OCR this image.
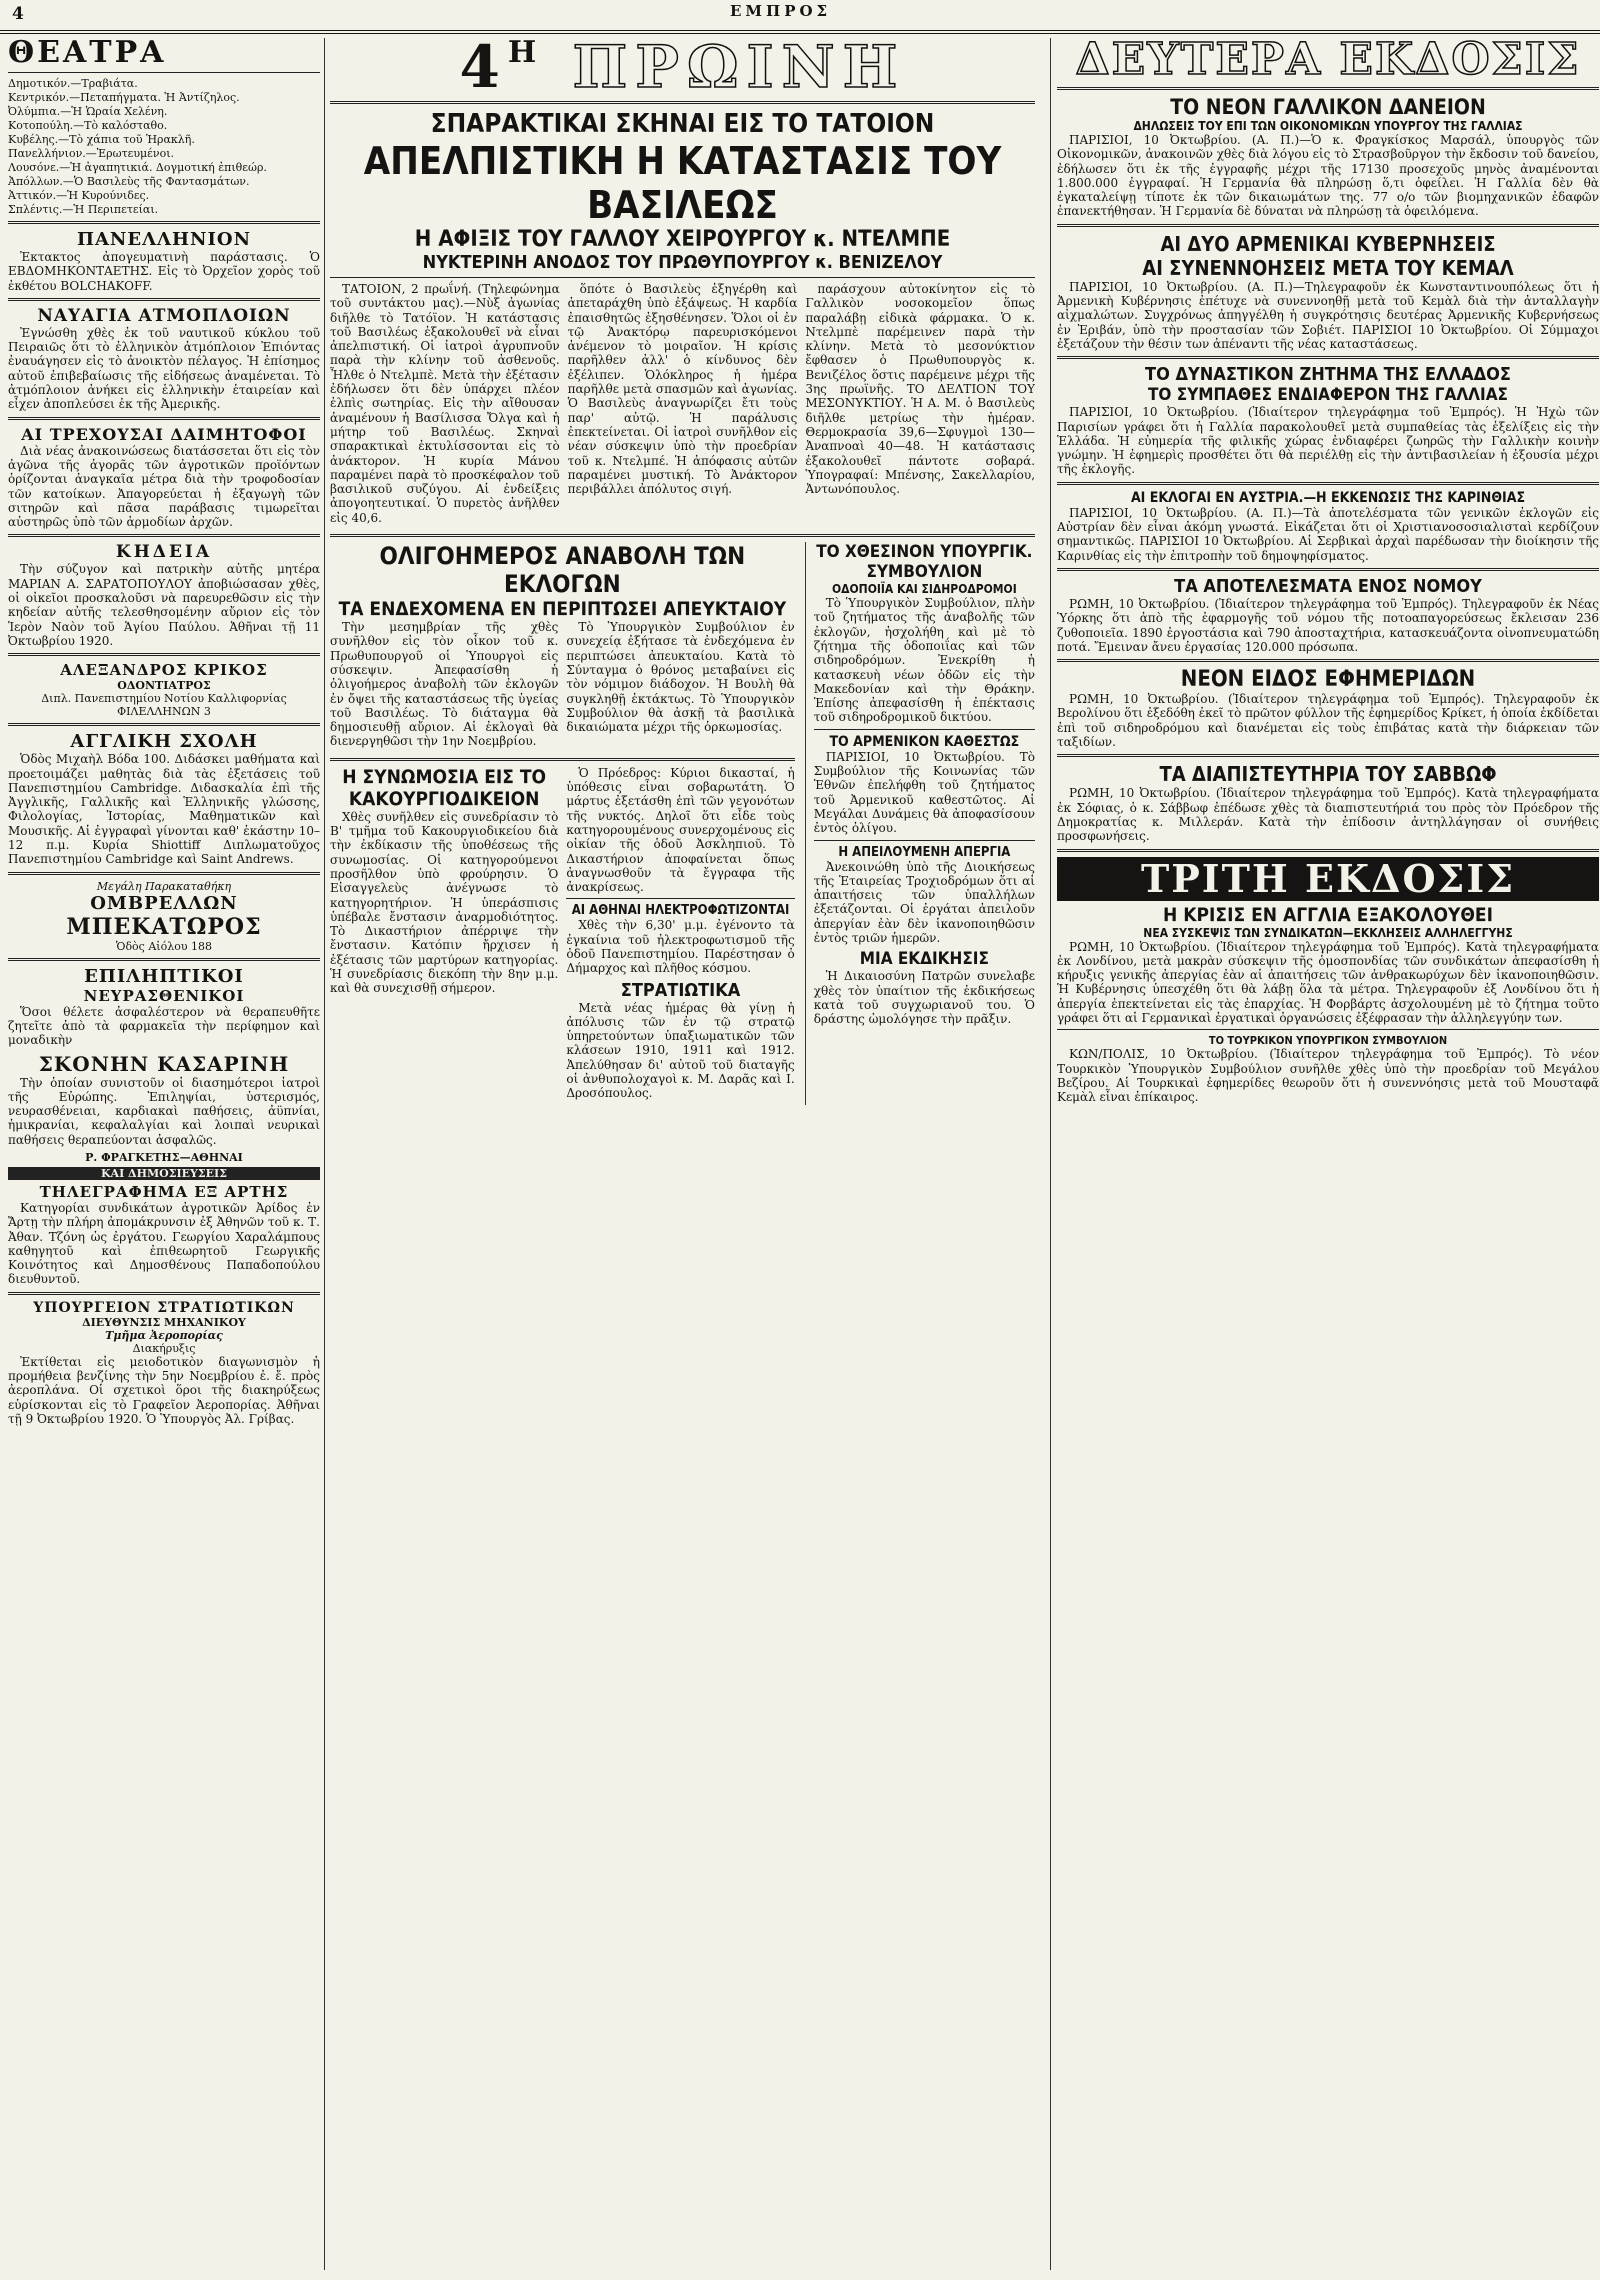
4	ΕΜΠΡΟΣ
ΘΕΑΤΡΑ
Δημοτικόν.—Τραβιάτα.
Κεντρικόν.—Πεταπήγματα. Ἡ Ἀντίζηλος.
Ὀλύμπια.—Ἡ Ὡραία Χελένη.
Κοτοπούλη.—Τὸ καλόσταθο.
Κυβέλης.—Τὸ χάπια τοῦ Ἡρακλῆ.
Πανελλήνιον.—Ἐρωτευμένοι.
Λουσόνε.—Ἡ ἀγαπητικιά. Δογμοτική ἐπιθεώρ.
Ἀπόλλων.—Ὁ Βασιλεὺς τῆς Φαντασμάτων.
Ἀττικόν.—Ἡ Κυρούνιδες.
Σπλέντις.—Ἡ Περιπετείαι.
ΠΑΝΕΛΛΗΝΙΟΝ

Ἐκτακτος ἀπογευματινὴ παράστασις. Ὁ ΕΒΔΟΜΗΚΟΝΤΑΕΤΗΣ. Εἰς τὸ Ὀρχεῖον χορὸς τοῦ ἐκθέτου BOLCHAKOFF.

ΝΑΥΑΓΙΑ ΑΤΜΟΠΛΟΙΩΝ

Ἐγνώσθη χθὲς ἐκ τοῦ ναυτικοῦ κύκλου τοῦ Πειραιῶς ὅτι τὸ ἐλληνικὸν ἀτμόπλοιον Ἐπιόντας ἐναυάγησεν εἰς τὸ ἀνοικτὸν πέλαγος. Ἡ ἐπίσημος αὐτοῦ ἐπιβεβαίωσις τῆς εἰδήσεως ἀναμένεται. Τὸ ἀτμόπλοιον ἀνήκει εἰς ἑλληνικὴν ἑταιρείαν καὶ εἶχεν ἀποπλεύσει ἐκ τῆς Ἀμερικῆς.

ΑΙ ΤΡΕΧΟΥΣΑΙ ΔΑΙΜΗΤΟΦΟΙ

Διὰ νέας ἀνακοινώσεως διατάσσεται ὅτι εἰς τὸν ἀγῶνα τῆς ἀγορᾶς τῶν ἀγροτικῶν προϊόντων ὁρίζονται ἀναγκαῖα μέτρα διὰ τὴν τροφοδοσίαν τῶν κατοίκων. Ἀπαγορεύεται ἡ ἐξαγωγὴ τῶν σιτηρῶν καὶ πᾶσα παράβασις τιμωρεῖται αὐστηρῶς ὑπὸ τῶν ἁρμοδίων ἀρχῶν.

ΚΗΔΕΙΑ

Τὴν σύζυγον καὶ πατρικὴν αὐτῆς μητέρα ΜΑΡΙΑΝ Α. ΣΑΡΑΤΟΠΟΥΛΟΥ ἀποβιώσασαν χθὲς, οἱ οἰκεῖοι προσκαλοῦσι νὰ παρευρεθῶσιν εἰς τὴν κηδείαν αὐτῆς τελεσθησομένην αὔριον εἰς τὸν Ἱερὸν Ναὸν τοῦ Ἁγίου Παύλου. Ἀθῆναι τῇ 11 Ὀκτωβρίου 1920.

ΑΛΕΞΑΝΔΡΟΣ ΚΡΙΚΟΣ
ΟΔΟΝΤΙΑΤΡΟΣ
Διπλ. Πανεπιστημίου Νοτίου Καλλιφορνίας ΦΙΛΕΛΛΗΝΩΝ 3
ΑΓΓΛΙΚΗ ΣΧΟΛΗ

Ὁδὸς Μιχαὴλ Βόδα 100. Διδάσκει μαθήματα καὶ προετοιμάζει μαθητὰς διὰ τὰς ἐξετάσεις τοῦ Πανεπιστημίου Cambridge. Διδασκαλία ἐπὶ τῆς Ἀγγλικῆς, Γαλλικῆς καὶ Ἑλληνικῆς γλώσσης, Φιλολογίας, Ἱστορίας, Μαθηματικῶν καὶ Μουσικῆς. Αἱ ἐγγραφαὶ γίνονται καθ' ἑκάστην 10–12 π.μ. Κυρία Shiottiff Διπλωματοῦχος Πανεπιστημίου Cambridge καὶ Saint Andrews.

Μεγάλη Παρακαταθήκη
ΟΜΒΡΕΛΛΩΝ
ΜΠΕΚΑΤΩΡΟΣ
Ὁδὸς Αἰόλου 188
ΕΠΙΛΗΠΤΙΚΟΙ
ΝΕΥΡΑΣΘΕΝΙΚΟΙ

Ὅσοι θέλετε ἀσφαλέστερον νὰ θεραπευθῆτε ζητεῖτε ἀπὸ τὰ φαρμακεῖα τὴν περίφημον καὶ μοναδικὴν

ΣΚΟΝΗΝ ΚΑΣΑΡΙΝΗ

Τὴν ὁποίαν συνιστοῦν οἱ διασημότεροι ἰατροὶ τῆς Εὐρώπης. Ἐπιληψίαι, ὑστερισμός, νευρασθένειαι, καρδιακαὶ παθήσεις, ἀϋπνίαι, ἡμικρανίαι, κεφαλαλγίαι καὶ λοιπαὶ νευρικαὶ παθήσεις θεραπεύονται ἀσφαλῶς.

Ρ. ΦΡΑΓΚΕΤΗΣ—ΑΘΗΝΑΙ
ΚΑΙ ΔΗΜΟΣΙΕΥΣΕΙΣ
ΤΗΛΕΓΡΑΦΗΜΑ ΕΞ ΑΡΤΗΣ

Κατηγορίαι συνδικάτων ἀγροτικῶν Ἀρίδος ἐν Ἄρτῃ τὴν πλήρη ἀπομάκρυνσιν ἐξ Ἀθηνῶν τοῦ κ. Τ. Ἀθαν. Τζόνη ὡς ἐργάτου. Γεωργίου Χαραλάμπους καθηγητοῦ καὶ ἐπιθεωρητοῦ Γεωργικῆς Κοινότητος καὶ Δημοσθένους Παπαδοπούλου διευθυντοῦ.

ΥΠΟΥΡΓΕΙΟΝ ΣΤΡΑΤΙΩΤΙΚΩΝ
ΔΙΕΥΘΥΝΣΙΣ ΜΗΧΑΝΙΚΟΥ
Τμῆμα Ἀεροπορίας
Διακήρυξις

Ἐκτίθεται εἰς μειοδοτικὸν διαγωνισμὸν ἡ προμήθεια βενζίνης τὴν 5ην Νοεμβρίου ἐ. ἔ. πρὸς ἀεροπλάνα. Οἱ σχετικοὶ ὅροι τῆς διακηρύξεως εὑρίσκονται εἰς τὸ Γραφεῖον Ἀεροπορίας. Ἀθῆναι τῇ 9 Ὀκτωβρίου 1920. Ὁ Ὑπουργὸς Ἀλ. Γρίβας.

$4^H$ ΠΡΩΙΝΗ
ΣΠΑΡΑΚΤΙΚΑΙ ΣΚΗΝΑΙ ΕΙΣ ΤΟ ΤΑΤΟΙΟΝ
ΑΠΕΛΠΙΣΤΙΚΗ Η ΚΑΤΑΣΤΑΣΙΣ ΤΟΥ ΒΑΣΙΛΕΩΣ
Η ΑΦΙΞΙΣ ΤΟΥ ΓΑΛΛΟΥ ΧΕΙΡΟΥΡΓΟΥ κ. ΝΤΕΛΜΠΕ
ΝΥΚΤΕΡΙΝΗ ΑΝΟΔΟΣ ΤΟΥ ΠΡΩΘΥΠΟΥΡΓΟΥ κ. ΒΕΝΙΖΕΛΟΥ

ΤΑΤΟΙΟΝ, 2 πρωΐνή. (Τηλεφώνημα τοῦ συντάκτου μας).—Νὺξ ἀγωνίας διῆλθε τὸ Τατόϊον. Ἡ κατάστασις τοῦ Βασιλέως ἐξακολουθεῖ νὰ εἶναι ἀπελπιστική. Οἱ ἰατροὶ ἀγρυπνοῦν παρὰ τὴν κλίνην τοῦ ἀσθενοῦς. Ἦλθε ὁ Ντελμπὲ. Μετὰ τὴν ἐξέτασιν ἐδήλωσεν ὅτι δὲν ὑπάρχει πλέον ἐλπὶς σωτηρίας. Εἰς τὴν αἴθουσαν ἀναμένουν ἡ Βασίλισσα Ὄλγα καὶ ἡ μήτηρ τοῦ Βασιλέως. Σκηναὶ σπαρακτικαὶ ἐκτυλίσσονται εἰς τὸ ἀνάκτορον. Ἡ κυρία Μάνου παραμένει παρὰ τὸ προσκέφαλον τοῦ βασιλικοῦ συζύγου. Αἱ ἐνδείξεις ἀπογοητευτικαί. Ὁ πυρετὸς ἀνῆλθεν εἰς 40,6.

ὅπότε ὁ Βασιλεὺς ἐξηγέρθη καὶ ἀπεταράχθη ὑπὸ ἐξάψεως. Ἡ καρδία ἐπαισθητῶς ἐξησθένησεν. Ὅλοι οἱ ἐν τῷ Ἀνακτόρῳ παρευρισκόμενοι ἀνέμενον τὸ μοιραῖον. Ἡ κρίσις παρῆλθεν ἀλλ' ὁ κίνδυνος δὲν ἐξέλιπεν. Ὁλόκληρος ἡ ἡμέρα παρῆλθε μετὰ σπασμῶν καὶ ἀγωνίας. Ὁ Βασιλεὺς ἀναγνωρίζει ἔτι τοὺς παρ' αὐτῷ. Ἡ παράλυσις ἐπεκτείνεται. Οἱ ἰατροὶ συνῆλθον εἰς νέαν σύσκεψιν ὑπὸ τὴν προεδρίαν τοῦ κ. Ντελμπέ. Ἡ ἀπόφασις αὐτῶν παραμένει μυστική. Τὸ Ἀνάκτορον περιβάλλει ἀπόλυτος σιγή.

παράσχουν αὐτοκίνητον εἰς τὸ Γαλλικὸν νοσοκομεῖον ὅπως παραλάβῃ εἰδικὰ φάρμακα. Ὁ κ. Ντελμπὲ παρέμεινεν παρὰ τὴν κλίνην. Μετὰ τὸ μεσονύκτιον ἔφθασεν ὁ Πρωθυπουργὸς κ. Βενιζέλος ὅστις παρέμεινε μέχρι τῆς 3ης πρωϊνῆς. ΤΟ ΔΕΛΤΙΟΝ ΤΟΥ ΜΕΣΟΝΥΚΤΙΟΥ. Ἡ Α. Μ. ὁ Βασιλεὺς διῆλθε μετρίως τὴν ἡμέραν. Θερμοκρασία 39,6—Σφυγμοὶ 130—Ἀναπνοαὶ 40—48. Ἡ κατάστασις ἐξακολουθεῖ πάντοτε σοβαρά. Ὑπογραφαί: Μπένσης, Σακελλαρίου, Ἀντωνόπουλος.

ΟΛΙΓΟΗΜΕΡΟΣ ΑΝΑΒΟΛΗ ΤΩΝ ΕΚΛΟΓΩΝ
ΤΑ ΕΝΔΕΧΟΜΕΝΑ ΕΝ ΠΕΡΙΠΤΩΣΕΙ ΑΠΕΥΚΤΑΙΟΥ

Τὴν μεσημβρίαν τῆς χθὲς συνῆλθον εἰς τὸν οἶκον τοῦ κ. Πρωθυπουργοῦ οἱ Ὑπουργοὶ εἰς σύσκεψιν. Ἀπεφασίσθη ἡ ὀλιγοήμερος ἀναβολὴ τῶν ἐκλογῶν ἐν ὄψει τῆς καταστάσεως τῆς ὑγείας τοῦ Βασιλέως. Τὸ διάταγμα θὰ δημοσιευθῇ αὔριον. Αἱ ἐκλογαὶ θὰ διενεργηθῶσι τὴν 1ην Νοεμβρίου.

Τὸ Ὑπουργικὸν Συμβούλιον ἐν συνεχείᾳ ἐξήτασε τὰ ἐνδεχόμενα ἐν περιπτώσει ἀπευκταίου. Κατὰ τὸ Σύνταγμα ὁ θρόνος μεταβαίνει εἰς τὸν νόμιμον διάδοχον. Ἡ Βουλὴ θὰ συγκληθῇ ἐκτάκτως. Τὸ Ὑπουργικὸν Συμβούλιον θὰ ἀσκῇ τὰ βασιλικὰ δικαιώματα μέχρι τῆς ὁρκωμοσίας.

Η ΣΥΝΩΜΟΣΙΑ ΕΙΣ ΤΟ ΚΑΚΟΥΡΓΙΟΔΙΚΕΙΟΝ

Χθὲς συνῆλθεν εἰς συνεδρίασιν τὸ Β' τμῆμα τοῦ Κακουργιοδικείου διὰ τὴν ἐκδίκασιν τῆς ὑποθέσεως τῆς συνωμοσίας. Οἱ κατηγορούμενοι προσῆλθον ὑπὸ φρούρησιν. Ὁ Εἰσαγγελεὺς ἀνέγνωσε τὸ κατηγορητήριον. Ἡ ὑπεράσπισις ὑπέβαλε ἔνστασιν ἀναρμοδιότητος. Τὸ Δικαστήριον ἀπέρριψε τὴν ἔνστασιν. Κατόπιν ἤρχισεν ἡ ἐξέτασις τῶν μαρτύρων κατηγορίας. Ἡ συνεδρίασις διεκόπη τὴν 8ην μ.μ. καὶ θὰ συνεχισθῇ σήμερον.

Ὁ Πρόεδρος: Κύριοι δικασταί, ἡ ὑπόθεσις εἶναι σοβαρωτάτη. Ὁ μάρτυς ἐξετάσθη ἐπὶ τῶν γεγονότων τῆς νυκτός. Δηλοῖ ὅτι εἶδε τοὺς κατηγορουμένους συνερχομένους εἰς οἰκίαν τῆς ὁδοῦ Ἀσκληπιοῦ. Τὸ Δικαστήριον ἀποφαίνεται ὅπως ἀναγνωσθοῦν τὰ ἔγγραφα τῆς ἀνακρίσεως.

ΑΙ ΑΘΗΝΑΙ ΗΛΕΚΤΡΟΦΩΤΙΖΟΝΤΑΙ

Χθὲς τὴν 6,30' μ.μ. ἐγένοντο τὰ ἐγκαίνια τοῦ ἠλεκτροφωτισμοῦ τῆς ὁδοῦ Πανεπιστημίου. Παρέστησαν ὁ Δήμαρχος καὶ πλῆθος κόσμου.

ΣΤΡΑΤΙΩΤΙΚΑ

Μετὰ νέας ἡμέρας θὰ γίνῃ ἡ ἀπόλυσις τῶν ἐν τῷ στρατῷ ὑπηρετούντων ὑπαξιωματικῶν τῶν κλάσεων 1910, 1911 καὶ 1912. Ἀπελύθησαν δι' αὐτοῦ τοῦ διαταγῆς οἱ ἀνθυπολοχαγοὶ κ. Μ. Δαρᾶς καὶ Ι. Δροσόπουλος.

ΤΟ ΧΘΕΣΙΝΟΝ ΥΠΟΥΡΓΙΚ. ΣΥΜΒΟΥΛΙΟΝ
ΟΔΟΠΟΙΪΑ ΚΑΙ ΣΙΔΗΡΟΔΡΟΜΟΙ

Τὸ Ὑπουργικὸν Συμβούλιον, πλὴν τοῦ ζητήματος τῆς ἀναβολῆς τῶν ἐκλογῶν, ἠσχολήθη καὶ μὲ τὸ ζήτημα τῆς ὁδοποιΐας καὶ τῶν σιδηροδρόμων. Ἐνεκρίθη ἡ κατασκευὴ νέων ὁδῶν εἰς τὴν Μακεδονίαν καὶ τὴν Θράκην. Ἐπίσης ἀπεφασίσθη ἡ ἐπέκτασις τοῦ σιδηροδρομικοῦ δικτύου.

ΤΟ ΑΡΜΕΝΙΚΟΝ ΚΑΘΕΣΤΩΣ

ΠΑΡΙΣΙΟΙ, 10 Ὀκτωβρίου. Τὸ Συμβούλιον τῆς Κοινωνίας τῶν Ἐθνῶν ἐπελήφθη τοῦ ζητήματος τοῦ Ἀρμενικοῦ καθεστῶτος. Αἱ Μεγάλαι Δυνάμεις θὰ ἀποφασίσουν ἐντὸς ὀλίγου.

Η ΑΠΕΙΛΟΥΜΕΝΗ ΑΠΕΡΓΙΑ

Ἀνεκοινώθη ὑπὸ τῆς Διοικήσεως τῆς Ἑταιρείας Τροχιοδρόμων ὅτι αἱ ἀπαιτήσεις τῶν ὑπαλλήλων ἐξετάζονται. Οἱ ἐργάται ἀπειλοῦν ἀπεργίαν ἐὰν δὲν ἱκανοποιηθῶσιν ἐντὸς τριῶν ἡμερῶν.

ΜΙΑ ΕΚΔΙΚΗΣΙΣ

Ἡ Δικαιοσύνη Πατρῶν συνελαβε χθὲς τὸν ὑπαίτιον τῆς ἐκδικήσεως κατὰ τοῦ συγχωριανοῦ του. Ὁ δράστης ὡμολόγησε τὴν πρᾶξιν.

ΔΕΥΤΕΡΑ ΕΚΔΟΣΙΣ
ΤΟ ΝΕΟΝ ΓΑΛΛΙΚΟΝ ΔΑΝΕΙΟΝ
ΔΗΛΩΣΕΙΣ ΤΟΥ ΕΠΙ ΤΩΝ ΟΙΚΟΝΟΜΙΚΩΝ ΥΠΟΥΡΓΟΥ ΤΗΣ ΓΑΛΛΙΑΣ

ΠΑΡΙΣΙΟΙ, 10 Ὀκτωβρίου. (Α. Π.)—Ὁ κ. Φραγκίσκος Μαρσάλ, ὑπουργὸς τῶν Οἰκονομικῶν, ἀνακοινῶν χθὲς διὰ λόγου εἰς τὸ Στρασβοῦργον τὴν ἔκδοσιν τοῦ δανείου, ἐδήλωσεν ὅτι ἐκ τῆς ἐγγραφῆς μέχρι τῆς 17130 προσεχοῦς μηνὸς ἀναμένονται 1.800.000 ἐγγραφαί. Ἡ Γερμανία θὰ πληρώσῃ ὅ,τι ὀφείλει. Ἡ Γαλλία δὲν θὰ ἐγκαταλείψῃ τίποτε ἐκ τῶν δικαιωμάτων της. 77 ο/ο τῶν βιομηχανικῶν ἐδαφῶν ἐπανεκτήθησαν. Ἡ Γερμανία δὲ δύναται νὰ πληρώσῃ τὰ ὁφειλόμενα.

ΑΙ ΔΥΟ ΑΡΜΕΝΙΚΑΙ ΚΥΒΕΡΝΗΣΕΙΣ
ΑΙ ΣΥΝΕΝΝΟΗΣΕΙΣ ΜΕΤΑ ΤΟΥ ΚΕΜΑΛ

ΠΑΡΙΣΙΟΙ, 10 Ὀκτωβρίου. (Α. Π.)—Τηλεγραφοῦν ἐκ Κωνσταντινουπόλεως ὅτι ἡ Ἀρμενικὴ Κυβέρνησις ἐπέτυχε νὰ συνεννοηθῇ μετὰ τοῦ Κεμὰλ διὰ τὴν ἀνταλλαγὴν αἰχμαλώτων. Συγχρόνως ἀπηγγέλθη ἡ συγκρότησις δευτέρας Ἀρμενικῆς Κυβερνήσεως ἐν Ἐριβάν, ὑπὸ τὴν προστασίαν τῶν Σοβιέτ. ΠΑΡΙΣΙΟΙ 10 Ὀκτωβρίου. Οἱ Σύμμαχοι ἐξετάζουν τὴν θέσιν των ἀπέναντι τῆς νέας καταστάσεως.

ΤΟ ΔΥΝΑΣΤΙΚΟΝ ΖΗΤΗΜΑ ΤΗΣ ΕΛΛΑΔΟΣ
ΤΟ ΣΥΜΠΑΘΕΣ ΕΝΔΙΑΦΕΡΟΝ ΤΗΣ ΓΑΛΛΙΑΣ

ΠΑΡΙΣΙΟΙ, 10 Ὀκτωβρίου. (Ἰδιαίτερον τηλεγράφημα τοῦ Ἐμπρός). Ἡ Ἠχὼ τῶν Παρισίων γράφει ὅτι ἡ Γαλλία παρακολουθεῖ μετὰ συμπαθείας τὰς ἐξελίξεις εἰς τὴν Ἑλλάδα. Ἡ εὐημερία τῆς φιλικῆς χώρας ἐνδιαφέρει ζωηρῶς τὴν Γαλλικὴν κοινὴν γνώμην. Ἡ ἐφημερὶς προσθέτει ὅτι θὰ περιέλθῃ εἰς τὴν ἀντιβασιλείαν ἡ ἐξουσία μέχρι τῆς ἐκλογῆς.

ΑΙ ΕΚΛΟΓΑΙ ΕΝ ΑΥΣΤΡΙΑ.—Η ΕΚΚΕΝΩΣΙΣ ΤΗΣ ΚΑΡΙΝΘΙΑΣ

ΠΑΡΙΣΙΟΙ, 10 Ὀκτωβρίου. (Α. Π.)—Τὰ ἀποτελέσματα τῶν γενικῶν ἐκλογῶν εἰς Αὐστρίαν δὲν εἶναι ἀκόμη γνωστά. Εἰκάζεται ὅτι οἱ Χριστιανοσοσιαλισταὶ κερδίζουν σημαντικῶς. ΠΑΡΙΣΙΟΙ 10 Ὀκτωβρίου. Αἱ Σερβικαὶ ἀρχαὶ παρέδωσαν τὴν διοίκησιν τῆς Καρινθίας εἰς τὴν ἐπιτροπὴν τοῦ δημοψηφίσματος.

ΤΑ ΑΠΟΤΕΛΕΣΜΑΤΑ ΕΝΟΣ ΝΟΜΟΥ

ΡΩΜΗ, 10 Ὀκτωβρίου. (Ἰδιαίτερον τηλεγράφημα τοῦ Ἐμπρός). Τηλεγραφοῦν ἐκ Νέας Ὑόρκης ὅτι ἀπὸ τῆς ἐφαρμογῆς τοῦ νόμου τῆς ποτοαπαγορεύσεως ἔκλεισαν 236 ζυθοποιεῖα. 1890 ἐργοστάσια καὶ 790 ἀποσταχτήρια, κατασκευάζοντα οἰνοπνευματώδη ποτά. Ἔμειναν ἄνευ ἐργασίας 120.000 πρόσωπα.

ΝΕΟΝ ΕΙΔΟΣ ΕΦΗΜΕΡΙΔΩΝ

ΡΩΜΗ, 10 Ὀκτωβρίου. (Ἰδιαίτερον τηλεγράφημα τοῦ Ἐμπρός). Τηλεγραφοῦν ἐκ Βερολίνου ὅτι ἐξεδόθη ἐκεῖ τὸ πρῶτον φύλλον τῆς ἐφημερίδος Κρίκετ, ἡ ὁποία ἐκδίδεται ἐπὶ τοῦ σιδηροδρόμου καὶ διανέμεται εἰς τοὺς ἐπιβάτας κατὰ τὴν διάρκειαν τῶν ταξιδίων.

ΤΑ ΔΙΑΠΙΣΤΕΥΤΗΡΙΑ ΤΟΥ ΣΑΒΒΩΦ

ΡΩΜΗ, 10 Ὀκτωβρίου. (Ἰδιαίτερον τηλεγράφημα τοῦ Ἐμπρός). Κατὰ τηλεγραφήματα ἐκ Σόφιας, ὁ κ. Σάββωφ ἐπέδωσε χθὲς τὰ διαπιστευτήριά του πρὸς τὸν Πρόεδρον τῆς Δημοκρατίας κ. Μιλλεράν. Κατὰ τὴν ἐπίδοσιν ἀντηλλάγησαν οἱ συνήθεις προσφωνήσεις.

ΤΡΙΤΗ ΕΚΔΟΣΙΣ
Η ΚΡΙΣΙΣ ΕΝ ΑΓΓΛΙΑ ΕΞΑΚΟΛΟΥΘΕΙ
ΝΕΑ ΣΥΣΚΕΨΙΣ ΤΩΝ ΣΥΝΔΙΚΑΤΩΝ—ΕΚΚΛΗΣΕΙΣ ΑΛΛΗΛΕΓΓΥΗΣ

ΡΩΜΗ, 10 Ὀκτωβρίου. (Ἰδιαίτερον τηλεγράφημα τοῦ Ἐμπρός). Κατὰ τηλεγραφήματα ἐκ Λονδίνου, μετὰ μακρὰν σύσκεψιν τῆς ὁμοσπονδίας τῶν συνδικάτων ἀπεφασίσθη ἡ κήρυξις γενικῆς ἀπεργίας ἐὰν αἱ ἀπαιτήσεις τῶν ἀνθρακωρύχων δὲν ἱκανοποιηθῶσιν. Ἡ Κυβέρνησις ὑπεσχέθη ὅτι θὰ λάβῃ ὅλα τὰ μέτρα. Τηλεγραφοῦν ἐξ Λονδίνου ὅτι ἡ ἀπεργία ἐπεκτείνεται εἰς τὰς ἐπαρχίας. Ἡ Φορβάρτς ἀσχολουμένη μὲ τὸ ζήτημα τοῦτο γράφει ὅτι αἱ Γερμανικαὶ ἐργατικαὶ ὀργανώσεις ἐξέφρασαν τὴν ἀλληλεγγύην των.

ΤΟ ΤΟΥΡΚΙΚΟΝ ΥΠΟΥΡΓΙΚΟΝ ΣΥΜΒΟΥΛΙΟΝ

ΚΩΝ/ΠΟΛΙΣ, 10 Ὀκτωβρίου. (Ἰδιαίτερον τηλεγράφημα τοῦ Ἐμπρός). Τὸ νέον Τουρκικὸν Ὑπουργικὸν Συμβούλιον συνῆλθε χθὲς ὑπὸ τὴν προεδρίαν τοῦ Μεγάλου Βεζίρου. Αἱ Τουρκικαὶ ἐφημερίδες θεωροῦν ὅτι ἡ συνεννόησις μετὰ τοῦ Μουσταφᾶ Κεμὰλ εἶναι ἐπίκαιρος.
